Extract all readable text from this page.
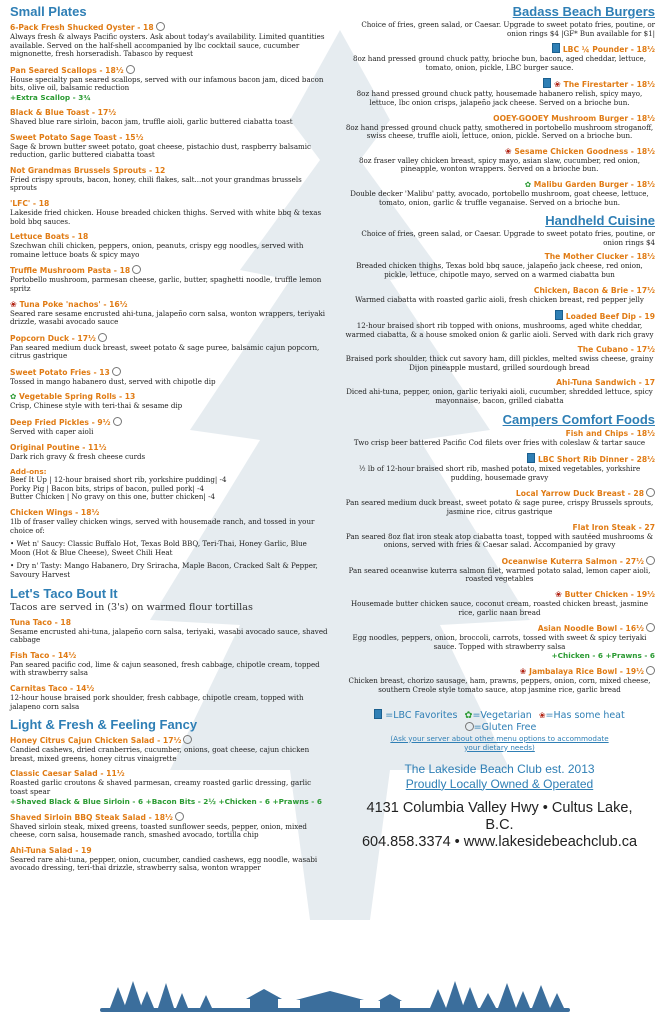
Small Plates
6-Pack Fresh Shucked Oyster - 18
Always fresh & always Pacific oysters. Ask about today's availability. Limited quantities available. Served on the half-shell accompanied by lbc cocktail sauce, cucumber mignonette, fresh horseradish. Tabasco by request
Pan Seared Scallops - 18½
House specialty pan seared scallops, served with our infamous bacon jam, diced bacon bits, olive oil, balsamic reduction
+Extra Scallop - 3¾
Black & Blue Toast - 17½
Shaved blue rare sirloin, bacon jam, truffle aioli, garlic buttered ciabatta toast
Sweet Potato Sage Toast - 15½
Sage & brown butter sweet potato, goat cheese, pistachio dust, raspberry balsamic reduction, garlic buttered ciabatta toast
Not Grandmas Brussels Sprouts - 12
Fried crispy sprouts, bacon, honey, chili flakes, salt...not your grandmas brussels sprouts
'LFC' - 18
Lakeside fried chicken. House breaded chicken thighs. Served with white bbq & texas bold bbq sauces.
Lettuce Boats - 18
Szechwan chili chicken, peppers, onion, peanuts, crispy egg noodles, served with romaine lettuce boats & spicy mayo
Truffle Mushroom Pasta - 18
Portobello mushroom, parmesan cheese, garlic, butter, spaghetti noodle, truffle lemon spritz
❀ Tuna Poke 'nachos' - 16½
Seared rare sesame encrusted ahi-tuna, jalapeño corn salsa, wonton wrappers, teriyaki drizzle, wasabi avocado sauce
Popcorn Duck - 17½
Pan seared medium duck breast, sweet potato & sage puree, balsamic cajun popcorn, citrus gastrique
Sweet Potato Fries - 13
Tossed in mango habanero dust, served with chipotle dip
✿ Vegetable Spring Rolls - 13
Crisp, Chinese style with teri-thai & sesame dip
Deep Fried Pickles - 9½
Served with caper aioli
Original Poutine - 11½
Dark rich gravy & fresh cheese curds
Add-ons:
Beef It Up | 12-hour braised short rib, yorkshire pudding| -4
Porky Pig | Bacon bits, strips of bacon, pulled pork| -4
Butter Chicken | No gravy on this one, butter chicken| -4
Chicken Wings - 18½
1lb of fraser valley chicken wings, served with housemade ranch, and tossed in your choice of:
• Wet n' Saucy: Classic Buffalo Hot, Texas Bold BBQ, Teri-Thai, Honey Garlic, Blue Moon (Hot & Blue Cheese), Sweet Chili Heat
• Dry n' Tasty: Mango Habanero, Dry Sriracha, Maple Bacon, Cracked Salt & Pepper, Savoury Harvest
Let's Taco Bout It
Tacos are served in (3's) on warmed flour tortillas
Tuna Taco - 18
Sesame encrusted ahi-tuna, jalapeño corn salsa, teriyaki, wasabi avocado sauce, shaved cabbage
Fish Taco - 14½
Pan seared pacific cod, lime & cajun seasoned, fresh cabbage, chipotle cream, topped with strawberry salsa
Carnitas Taco - 14½
12-hour house braised pork shoulder, fresh cabbage, chipotle cream, topped with jalapeno corn salsa
Light & Fresh & Feeling Fancy
Honey Citrus Cajun Chicken Salad - 17½
Candied cashews, dried cranberries, cucumber, onions, goat cheese, cajun chicken breast, mixed greens, honey citrus vinaigrette
Classic Caesar Salad - 11½
Roasted garlic croutons & shaved parmesan, creamy roasted garlic dressing, garlic toast spear
+Shaved Black & Blue Sirloin - 6 +Bacon Bits - 2½ +Chicken - 6 +Prawns - 6
Shaved Sirloin BBQ Steak Salad - 18½
Shaved sirloin steak, mixed greens, toasted sunflower seeds, pepper, onion, mixed cheese, corn salsa, housemade ranch, smashed avocado, tortilla chip
Ahi-Tuna Salad - 19
Seared rare ahi-tuna, pepper, onion, cucumber, candied cashews, egg noodle, wasabi avocado dressing, teri-thai drizzle, strawberry salsa, wonton wrapper
Badass Beach Burgers
Choice of fries, green salad, or Caesar. Upgrade to sweet potato fries, poutine, or onion rings $4 |GF* Bun available for $1|
LBC ¼ Pounder - 18½
8oz hand pressed ground chuck patty, brioche bun, bacon, aged cheddar, lettuce, tomato, onion, pickle, LBC burger sauce.
❀ The Firestarter - 18½
8oz hand pressed ground chuck patty, housemade habanero relish, spicy mayo, lettuce, lbc onion crisps, jalapeño jack cheese. Served on a brioche bun.
OOEY-GOOEY Mushroom Burger - 18½
8oz hand pressed ground chuck patty, smothered in portobello mushroom stroganoff, swiss cheese, truffle aioli, lettuce, onion, pickle. Served on a brioche bun.
❀ Sesame Chicken Goodness - 18½
8oz fraser valley chicken breast, spicy mayo, asian slaw, cucumber, red onion, pineapple, wonton wrappers. Served on a brioche bun.
✿ Malibu Garden Burger - 18½
Double decker 'Malibu' patty, avocado, portobello mushroom, goat cheese, lettuce, tomato, onion, garlic & truffle veganaise. Served on a brioche bun.
Handheld Cuisine
Choice of fries, green salad, or Caesar. Upgrade to sweet potato fries, poutine, or onion rings $4
The Mother Clucker - 18½
Breaded chicken thighs, Texas bold bbq sauce, jalapeño jack cheese, red onion, pickle, lettuce, chipotle mayo, served on a warmed ciabatta bun
Chicken, Bacon & Brie - 17½
Warmed ciabatta with roasted garlic aioli, fresh chicken breast, red pepper jelly
Loaded Beef Dip - 19
12-hour braised short rib topped with onions, mushrooms, aged white cheddar, warmed ciabatta, & a house smoked onion & garlic aioli. Served with dark rich gravy
The Cubano - 17½
Braised pork shoulder, thick cut savory ham, dill pickles, melted swiss cheese, grainy Dijon pineapple mustard, grilled sourdough bread
Ahi-Tuna Sandwich - 17
Diced ahi-tuna, pepper, onion, garlic teriyaki aioli, cucumber, shredded lettuce, spicy mayonnaise, bacon, grilled ciabatta
Campers Comfort Foods
Fish and Chips - 18½
Two crisp beer battered Pacific Cod filets over fries with coleslaw & tartar sauce
LBC Short Rib Dinner - 28½
½ lb of 12-hour braised short rib, mashed potato, mixed vegetables, yorkshire pudding, housemade gravy
Local Yarrow Duck Breast - 28
Pan seared medium duck breast, sweet potato & sage puree, crispy Brussels sprouts, jasmine rice, citrus gastrique
Flat Iron Steak - 27
Pan seared 8oz flat iron steak atop ciabatta toast, topped with sautéed mushrooms & onions, served with fries & Caesar salad. Accompanied by gravy
Oceanwise Kuterra Salmon - 27½
Pan seared oceanwise kuterra salmon filet, warmed potato salad, lemon caper aioli, roasted vegetables
❀ Butter Chicken - 19½
Housemade butter chicken sauce, coconut cream, roasted chicken breast, jasmine rice, garlic naan bread
Asian Noodle Bowl - 16½
Egg noodles, peppers, onion, broccoli, carrots, tossed with sweet & spicy teriyaki sauce. Topped with strawberry salsa
+Chicken - 6 +Prawns - 6
❀ Jambalaya Rice Bowl - 19½
Chicken breast, chorizo sausage, ham, prawns, peppers, onion, corn, mixed cheese, southern Creole style tomato sauce, atop jasmine rice, garlic bread
=LBC Favorites ✿=Vegetarian ❀=Has some heat
=Gluten Free
(Ask your server about other menu options to accommodate your dietary needs)
The Lakeside Beach Club est. 2013
Proudly Locally Owned & Operated
4131 Columbia Valley Hwy • Cultus Lake,
B.C.
604.858.3374 • www.lakesidebeachclub.ca
